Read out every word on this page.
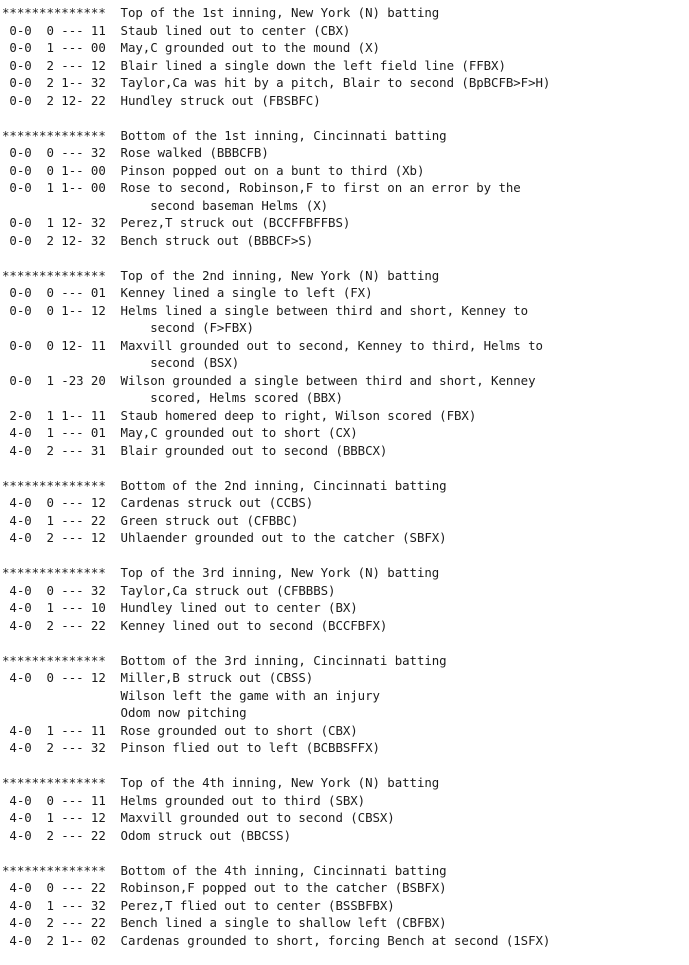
**************  Top of the 1st inning, New York (N) batting
0-0  0 --- 11  Staub lined out to center (CBX)
0-0  1 --- 00  May,C grounded out to the mound (X)
0-0  2 --- 12  Blair lined a single down the left field line (FFBX)
0-0  2 1-- 32  Taylor,Ca was hit by a pitch, Blair to second (BpBCFB>F>H)
0-0  2 12- 22  Hundley struck out (FBSBFC)
**************  Bottom of the 1st inning, Cincinnati batting
0-0  0 --- 32  Rose walked (BBBCFB)
0-0  0 1-- 00  Pinson popped out on a bunt to third (Xb)
0-0  1 1-- 00  Rose to second, Robinson,F to first on an error by the
second baseman Helms (X)
0-0  1 12- 32  Perez,T struck out (BCCFFBFFBS)
0-0  2 12- 32  Bench struck out (BBBCF>S)
**************  Top of the 2nd inning, New York (N) batting
0-0  0 --- 01  Kenney lined a single to left (FX)
0-0  0 1-- 12  Helms lined a single between third and short, Kenney to
second (F>FBX)
0-0  0 12- 11  Maxvill grounded out to second, Kenney to third, Helms to
second (BSX)
0-0  1 -23 20  Wilson grounded a single between third and short, Kenney
scored, Helms scored (BBX)
2-0  1 1-- 11  Staub homered deep to right, Wilson scored (FBX)
4-0  1 --- 01  May,C grounded out to short (CX)
4-0  2 --- 31  Blair grounded out to second (BBBCX)
**************  Bottom of the 2nd inning, Cincinnati batting
4-0  0 --- 12  Cardenas struck out (CCBS)
4-0  1 --- 22  Green struck out (CFBBC)
4-0  2 --- 12  Uhlaender grounded out to the catcher (SBFX)
**************  Top of the 3rd inning, New York (N) batting
4-0  0 --- 32  Taylor,Ca struck out (CFBBBS)
4-0  1 --- 10  Hundley lined out to center (BX)
4-0  2 --- 22  Kenney lined out to second (BCCFBFX)
**************  Bottom of the 3rd inning, Cincinnati batting
4-0  0 --- 12  Miller,B struck out (CBSS)
Wilson left the game with an injury
Odom now pitching
4-0  1 --- 11  Rose grounded out to short (CBX)
4-0  2 --- 32  Pinson flied out to left (BCBBSFFX)
**************  Top of the 4th inning, New York (N) batting
4-0  0 --- 11  Helms grounded out to third (SBX)
4-0  1 --- 12  Maxvill grounded out to second (CBSX)
4-0  2 --- 22  Odom struck out (BBCSS)
**************  Bottom of the 4th inning, Cincinnati batting
4-0  0 --- 22  Robinson,F popped out to the catcher (BSBFX)
4-0  1 --- 32  Perez,T flied out to center (BSSBFBX)
4-0  2 --- 22  Bench lined a single to shallow left (CBFBX)
4-0  2 1-- 02  Cardenas grounded to short, forcing Bench at second (1SFX)
